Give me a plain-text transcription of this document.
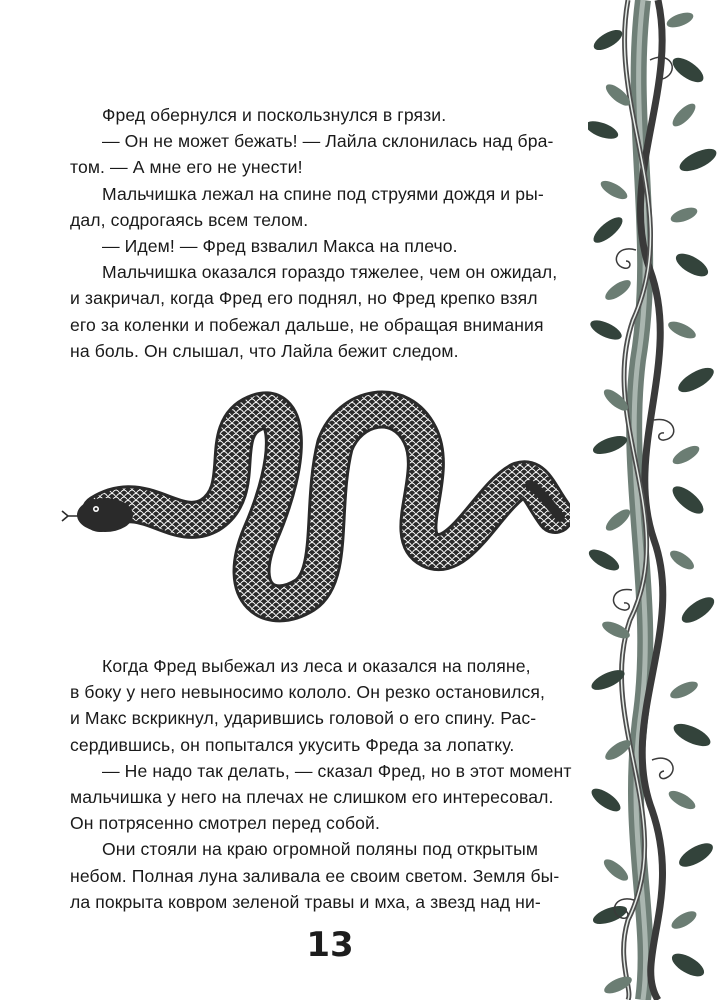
Фред обернулся и поскользнулся в грязи.

— Он не может бежать! — Лайла склонилась над бра-

том. — А мне его не унести!

Мальчишка лежал на спине под струями дождя и ры-

дал, содрогаясь всем телом.

— Идем! — Фред взвалил Макса на плечо.

Мальчишка оказался гораздо тяжелее, чем он ожидал,

и закричал, когда Фред его поднял, но Фред крепко взял

его за коленки и побежал дальше, не обращая внимания

на боль. Он слышал, что Лайла бежит следом.

Когда Фред выбежал из леса и оказался на поляне,

в боку у него невыносимо кололо. Он резко остановился,

и Макс вскрикнул, ударившись головой о его спину. Рас-

сердившись, он попытался укусить Фреда за лопатку.

— Не надо так делать, — сказал Фред, но в этот момент

мальчишка у него на плечах не слишком его интересовал.

Он потрясенно смотрел перед собой.

Они стояли на краю огромной поляны под открытым

небом. Полная луна заливала ее своим светом. Земля бы-

ла покрыта ковром зеленой травы и мха, а звезд над ни-

13
